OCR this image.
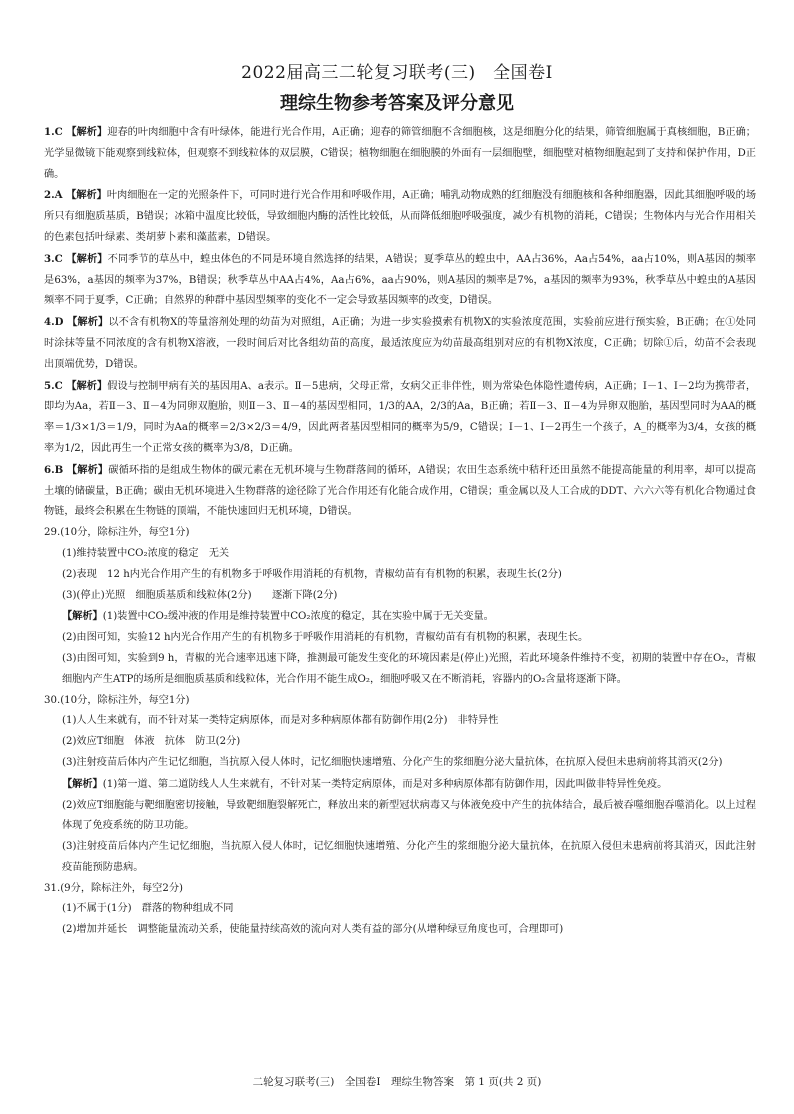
2022届高三二轮复习联考(三)　全国卷Ⅰ
理综生物参考答案及评分意见

1.C 【解析】迎春的叶肉细胞中含有叶绿体，能进行光合作用，A正确；迎春的筛管细胞不含细胞核，这是细胞分化的结果，筛管细胞属于真核细胞，B正确；光学显微镜下能观察到线粒体，但观察不到线粒体的双层膜，C错误；植物细胞在细胞膜的外面有一层细胞壁，细胞壁对植物细胞起到了支持和保护作用，D正确。

2.A 【解析】叶肉细胞在一定的光照条件下，可同时进行光合作用和呼吸作用，A正确；哺乳动物成熟的红细胞没有细胞核和各种细胞器，因此其细胞呼吸的场所只有细胞质基质，B错误；冰箱中温度比较低，导致细胞内酶的活性比较低，从而降低细胞呼吸强度，减少有机物的消耗，C错误；生物体内与光合作用相关的色素包括叶绿素、类胡萝卜素和藻蓝素，D错误。

3.C 【解析】不同季节的草丛中，蝗虫体色的不同是环境自然选择的结果，A错误；夏季草丛的蝗虫中，AA占36%，Aa占54%，aa占10%，则A基因的频率是63%，a基因的频率为37%，B错误；秋季草丛中AA占4%，Aa占6%，aa占90%，则A基因的频率是7%，a基因的频率为93%，秋季草丛中蝗虫的A基因频率不同于夏季，C正确；自然界的种群中基因型频率的变化不一定会导致基因频率的改变，D错误。

4.D 【解析】以不含有机物X的等量溶剂处理的幼苗为对照组，A正确；为进一步实验摸索有机物X的实验浓度范围，实验前应进行预实验，B正确；在①处同时涂抹等量不同浓度的含有机物X溶液，一段时间后对比各组幼苗的高度，最适浓度应为幼苗最高组别对应的有机物X浓度，C正确；切除①后，幼苗不会表现出顶端优势，D错误。

5.C 【解析】假设与控制甲病有关的基因用A、a表示。Ⅱ－5患病，父母正常，女病父正非伴性，则为常染色体隐性遗传病，A正确；Ⅰ－1、Ⅰ－2均为携带者，即均为Aa，若Ⅱ－3、Ⅱ－4为同卵双胞胎，则Ⅱ－3、Ⅱ－4的基因型相同，1/3的AA，2/3的Aa，B正确；若Ⅱ－3、Ⅱ－4为异卵双胞胎，基因型同时为AA的概率＝1/3×1/3＝1/9，同时为Aa的概率＝2/3×2/3＝4/9，因此两者基因型相同的概率为5/9，C错误；Ⅰ－1、Ⅰ－2再生一个孩子，A_的概率为3/4，女孩的概率为1/2，因此再生一个正常女孩的概率为3/8，D正确。

6.B 【解析】碳循环指的是组成生物体的碳元素在无机环境与生物群落间的循环，A错误；农田生态系统中秸秆还田虽然不能提高能量的利用率，却可以提高土壤的储碳量，B正确；碳由无机环境进入生物群落的途径除了光合作用还有化能合成作用，C错误；重金属以及人工合成的DDT、六六六等有机化合物通过食物链，最终会积累在生物链的顶端，不能快速回归无机环境，D错误。

29.(10分，除标注外，每空1分)

(1)维持装置中CO₂浓度的稳定　无关

(2)表现　12 h内光合作用产生的有机物多于呼吸作用消耗的有机物，青椒幼苗有有机物的积累，表现生长(2分)

(3)(停止)光照　细胞质基质和线粒体(2分)　　逐渐下降(2分)

【解析】(1)装置中CO₂缓冲液的作用是维持装置中CO₂浓度的稳定，其在实验中属于无关变量。

(2)由图可知，实验12 h内光合作用产生的有机物多于呼吸作用消耗的有机物，青椒幼苗有有机物的积累，表现生长。

(3)由图可知，实验到9 h，青椒的光合速率迅速下降，推测最可能发生变化的环境因素是(停止)光照，若此环境条件维持不变，初期的装置中存在O₂，青椒细胞内产生ATP的场所是细胞质基质和线粒体，光合作用不能生成O₂，细胞呼吸又在不断消耗，容器内的O₂含量将逐渐下降。

30.(10分，除标注外，每空1分)

(1)人人生来就有，而不针对某一类特定病原体，而是对多种病原体都有防御作用(2分)　非特异性

(2)效应T细胞　体液　抗体　防卫(2分)

(3)注射疫苗后体内产生记忆细胞，当抗原入侵人体时，记忆细胞快速增殖、分化产生的浆细胞分泌大量抗体，在抗原入侵但未患病前将其消灭(2分)

【解析】(1)第一道、第二道防线人人生来就有，不针对某一类特定病原体，而是对多种病原体都有防御作用，因此叫做非特异性免疫。

(2)效应T细胞能与靶细胞密切接触，导致靶细胞裂解死亡，释放出来的新型冠状病毒又与体液免疫中产生的抗体结合，最后被吞噬细胞吞噬消化。以上过程体现了免疫系统的防卫功能。

(3)注射疫苗后体内产生记忆细胞，当抗原入侵人体时，记忆细胞快速增殖、分化产生的浆细胞分泌大量抗体，在抗原入侵但未患病前将其消灭，因此注射疫苗能预防患病。

31.(9分，除标注外，每空2分)

(1)不属于(1分)　群落的物种组成不同

(2)增加并延长　调整能量流动关系，使能量持续高效的流向对人类有益的部分(从增种绿豆角度也可，合理即可)

二轮复习联考(三)　全国卷Ⅰ　理综生物答案　第 1 页(共 2 页)
